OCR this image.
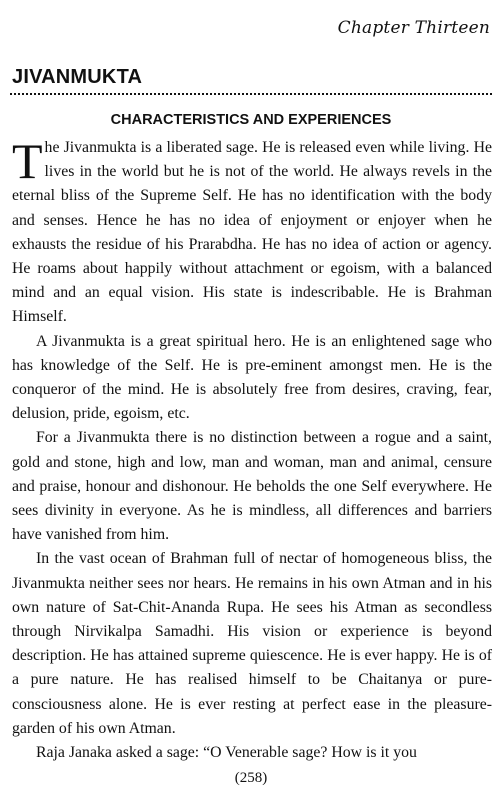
Chapter Thirteen
JIVANMUKTA
CHARACTERISTICS AND EXPERIENCES

The Jivanmukta is a liberated sage. He is released even while living. He lives in the world but he is not of the world. He always revels in the eternal bliss of the Supreme Self. He has no identification with the body and senses. Hence he has no idea of enjoyment or enjoyer when he exhausts the residue of his Prarabdha. He has no idea of action or agency. He roams about happily without attachment or egoism, with a balanced mind and an equal vision. His state is indescribable. He is Brahman Himself.

A Jivanmukta is a great spiritual hero. He is an enlightened sage who has knowledge of the Self. He is pre-eminent amongst men. He is the conqueror of the mind. He is absolutely free from desires, craving, fear, delusion, pride, egoism, etc.

For a Jivanmukta there is no distinction between a rogue and a saint, gold and stone, high and low, man and woman, man and animal, censure and praise, honour and dishonour. He beholds the one Self everywhere. He sees divinity in everyone. As he is mindless, all differences and barriers have vanished from him.

In the vast ocean of Brahman full of nectar of homogeneous bliss, the Jivanmukta neither sees nor hears. He remains in his own Atman and in his own nature of Sat-Chit-Ananda Rupa. He sees his Atman as secondless through Nirvikalpa Samadhi. His vision or experience is beyond description. He has attained supreme quiescence. He is ever happy. He is of a pure nature. He has realised himself to be Chaitanya or pure-consciousness alone. He is ever resting at perfect ease in the pleasure-garden of his own Atman.

Raja Janaka asked a sage: “O Venerable sage? How is it you

(258)
